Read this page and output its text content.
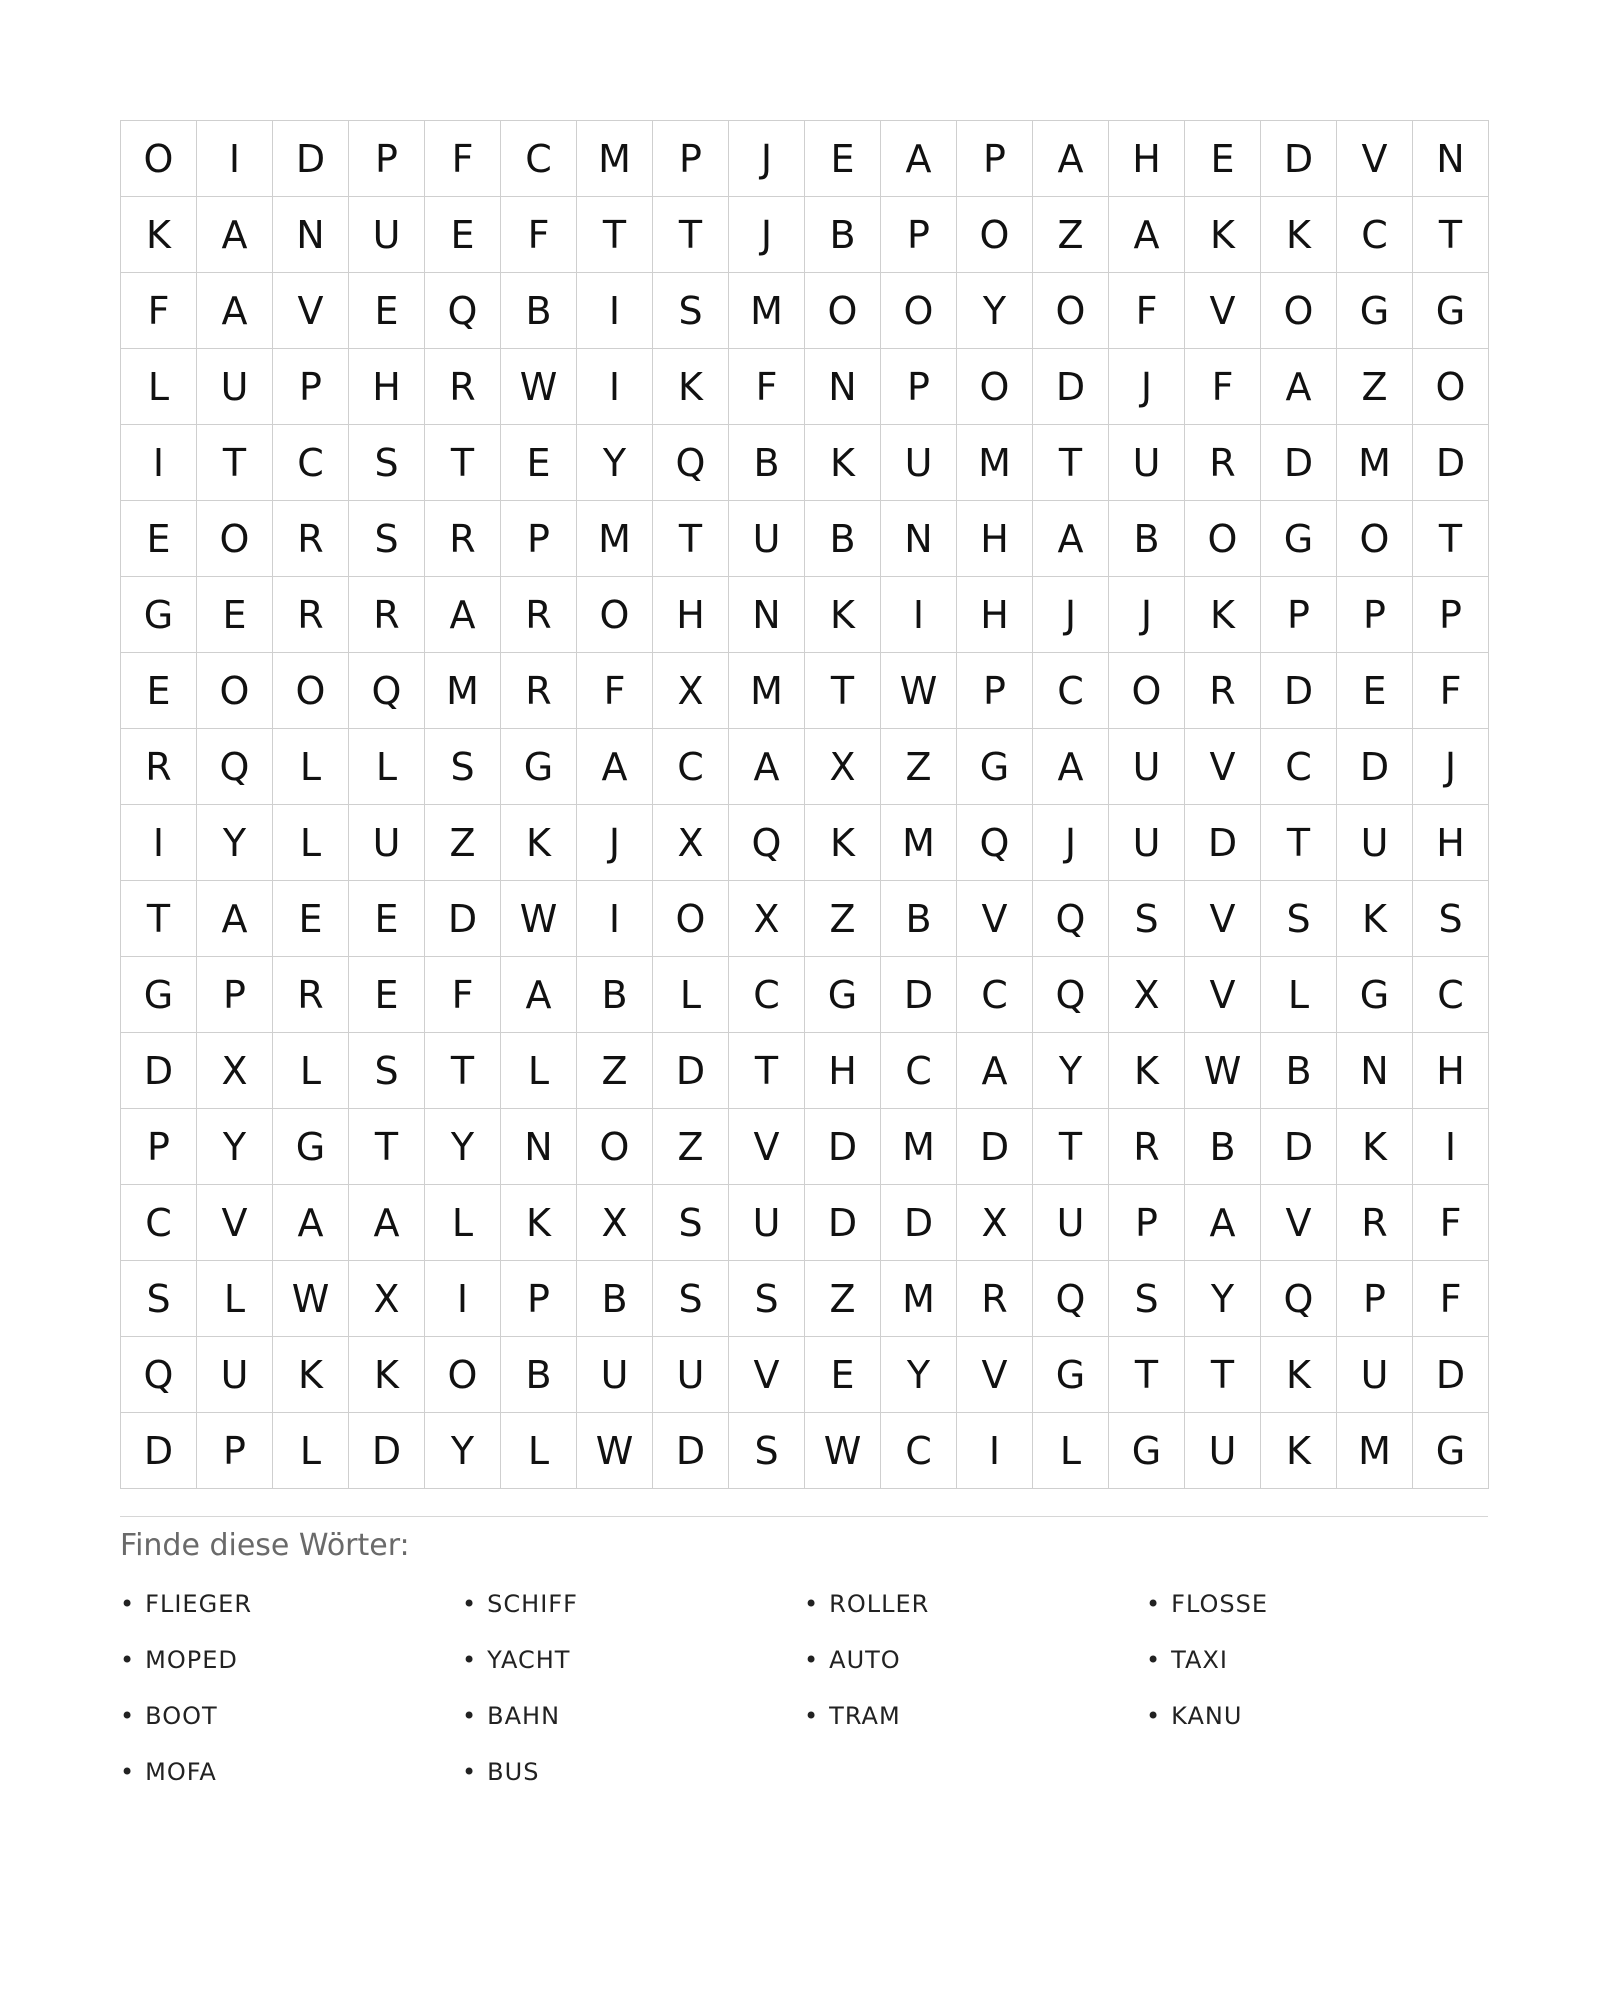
O	I	D	P	F	C	M	P	J	E	A	P	A	H	E	D	V	N
K	A	N	U	E	F	T	T	J	B	P	O	Z	A	K	K	C	T
F	A	V	E	Q	B	I	S	M	O	O	Y	O	F	V	O	G	G
L	U	P	H	R	W	I	K	F	N	P	O	D	J	F	A	Z	O
I	T	C	S	T	E	Y	Q	B	K	U	M	T	U	R	D	M	D
E	O	R	S	R	P	M	T	U	B	N	H	A	B	O	G	O	T
G	E	R	R	A	R	O	H	N	K	I	H	J	J	K	P	P	P
E	O	O	Q	M	R	F	X	M	T	W	P	C	O	R	D	E	F
R	Q	L	L	S	G	A	C	A	X	Z	G	A	U	V	C	D	J
I	Y	L	U	Z	K	J	X	Q	K	M	Q	J	U	D	T	U	H
T	A	E	E	D	W	I	O	X	Z	B	V	Q	S	V	S	K	S
G	P	R	E	F	A	B	L	C	G	D	C	Q	X	V	L	G	C
D	X	L	S	T	L	Z	D	T	H	C	A	Y	K	W	B	N	H
P	Y	G	T	Y	N	O	Z	V	D	M	D	T	R	B	D	K	I
C	V	A	A	L	K	X	S	U	D	D	X	U	P	A	V	R	F
S	L	W	X	I	P	B	S	S	Z	M	R	Q	S	Y	Q	P	F
Q	U	K	K	O	B	U	U	V	E	Y	V	G	T	T	K	U	D
D	P	L	D	Y	L	W	D	S	W	C	I	L	G	U	K	M	G
Finde diese Wörter:
• FLIEGER	• SCHIFF	• ROLLER	• FLOSSE
• MOPED	• YACHT	• AUTO	• TAXI
• BOOT	• BAHN	• TRAM	• KANU
• MOFA	• BUS
